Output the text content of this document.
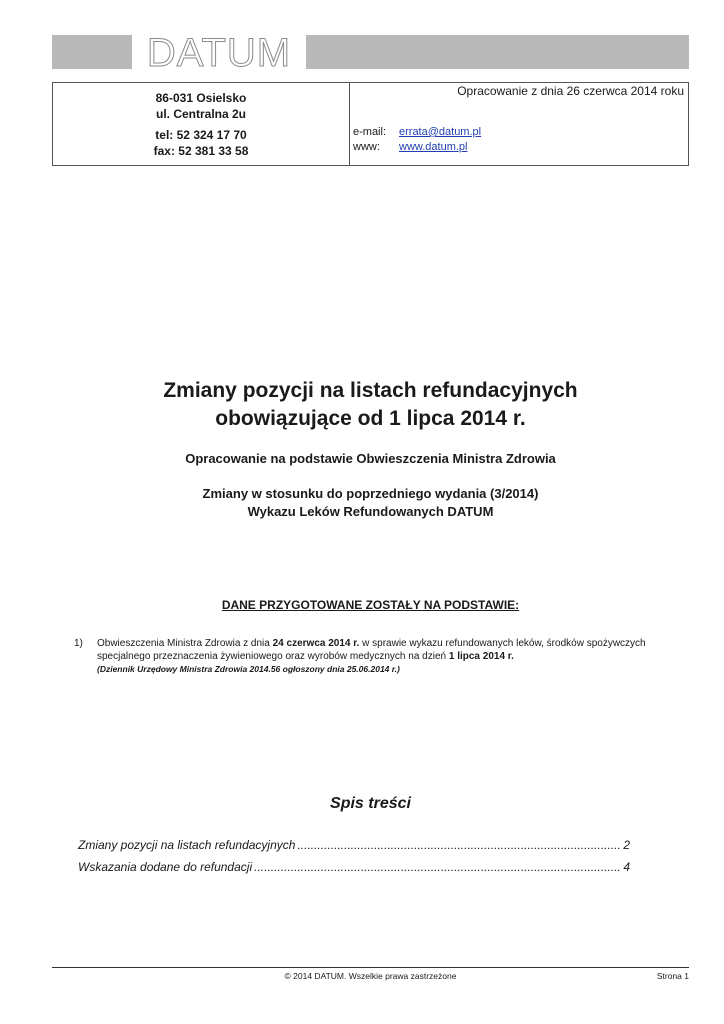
DATUM
86-031 Osielsko
ul. Centralna 2u
tel: 52 324 17 70
fax: 52 381 33 58
Opracowanie z dnia 26 czerwca 2014 roku
e-mail: errata@datum.pl
www: www.datum.pl
Zmiany pozycji na listach refundacyjnych
obowiązujące od 1 lipca 2014 r.
Opracowanie na podstawie Obwieszczenia Ministra Zdrowia
Zmiany w stosunku do poprzedniego wydania (3/2014)
Wykazu Leków Refundowanych DATUM
DANE PRZYGOTOWANE ZOSTAŁY NA PODSTAWIE:
1) Obwieszczenia Ministra Zdrowia z dnia 24 czerwca 2014 r. w sprawie wykazu refundowanych leków, środków spożywczych specjalnego przeznaczenia żywieniowego oraz wyrobów medycznych na dzień 1 lipca 2014 r.
(Dziennik Urzędowy Ministra Zdrowia 2014.56 ogłoszony dnia 25.06.2014 r.)
Spis treści
Zmiany pozycji na listach refundacyjnych .....	2
Wskazania dodane do refundacji .....	4
© 2014 DATUM. Wszelkie prawa zastrzeżone	Strona 1
